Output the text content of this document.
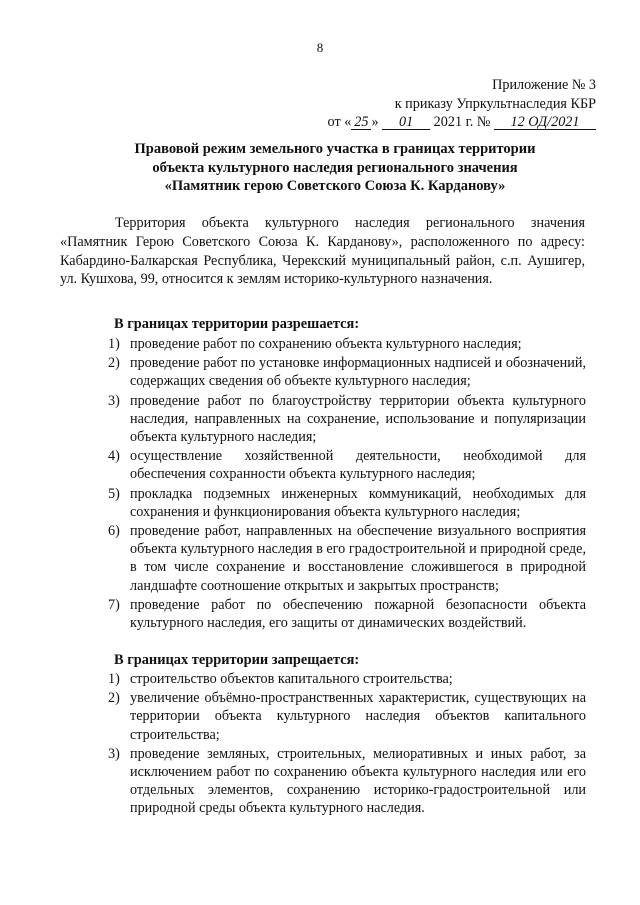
8
Приложение № 3
к приказу Упркультнаследия КБР
от « 25 » 01 2021 г. № 12 ОД/2021
Правовой режим земельного участка в границах территории
объекта культурного наследия регионального значения
«Памятник герою Советского Союза К. Карданову»
Территория объекта культурного наследия регионального значения «Памятник Герою Советского Союза К. Карданову», расположенного по адресу: Кабардино-Балкарская Республика, Черекский муниципальный район, с.п. Аушигер, ул. Кушхова, 99, относится к землям историко-культурного назначения.
В границах территории разрешается:
1) проведение работ по сохранению объекта культурного наследия;
2) проведение работ по установке информационных надписей и обозначений, содержащих сведения об объекте культурного наследия;
3) проведение работ по благоустройству территории объекта культурного наследия, направленных на сохранение, использование и популяризации объекта культурного наследия;
4) осуществление хозяйственной деятельности, необходимой для обеспечения сохранности объекта культурного наследия;
5) прокладка подземных инженерных коммуникаций, необходимых для сохранения и функционирования объекта культурного наследия;
6) проведение работ, направленных на обеспечение визуального восприятия объекта культурного наследия в его градостроительной и природной среде, в том числе сохранение и восстановление сложившегося в природной ландшафте соотношение открытых и закрытых пространств;
7) проведение работ по обеспечению пожарной безопасности объекта культурного наследия, его защиты от динамических воздействий.
В границах территории запрещается:
1) строительство объектов капитального строительства;
2) увеличение объёмно-пространственных характеристик, существующих на территории объекта культурного наследия объектов капитального строительства;
3) проведение земляных, строительных, мелиоративных и иных работ, за исключением работ по сохранению объекта культурного наследия или его отдельных элементов, сохранению историко-градостроительной или природной среды объекта культурного наследия.
